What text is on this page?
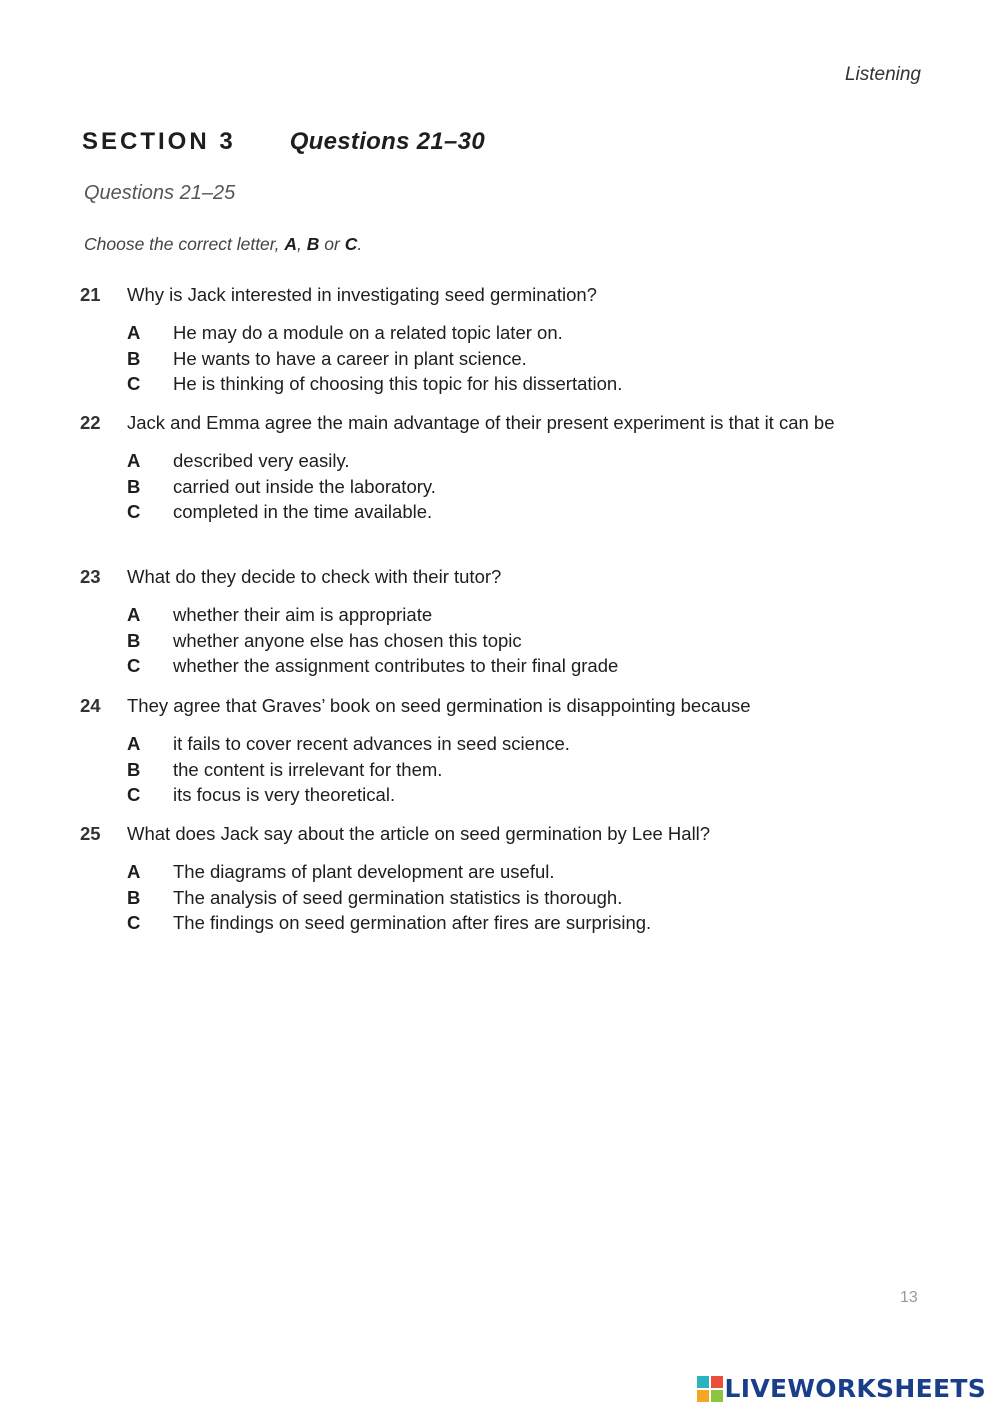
Listening
SECTION 3 Questions 21–30
Questions 21–25
Choose the correct letter, A, B or C.
21	Why is Jack interested in investigating seed germination?
A	He may do a module on a related topic later on.
B	He wants to have a career in plant science.
C	He is thinking of choosing this topic for his dissertation.
22	Jack and Emma agree the main advantage of their present experiment is that it can be
A	described very easily.
B	carried out inside the laboratory.
C	completed in the time available.
23	What do they decide to check with their tutor?
A	whether their aim is appropriate
B	whether anyone else has chosen this topic
C	whether the assignment contributes to their final grade
24	They agree that Graves’ book on seed germination is disappointing because
A	it fails to cover recent advances in seed science.
B	the content is irrelevant for them.
C	its focus is very theoretical.
25	What does Jack say about the article on seed germination by Lee Hall?
A	The diagrams of plant development are useful.
B	The analysis of seed germination statistics is thorough.
C	The findings on seed germination after fires are surprising.
13
LIVEWORKSHEETS
